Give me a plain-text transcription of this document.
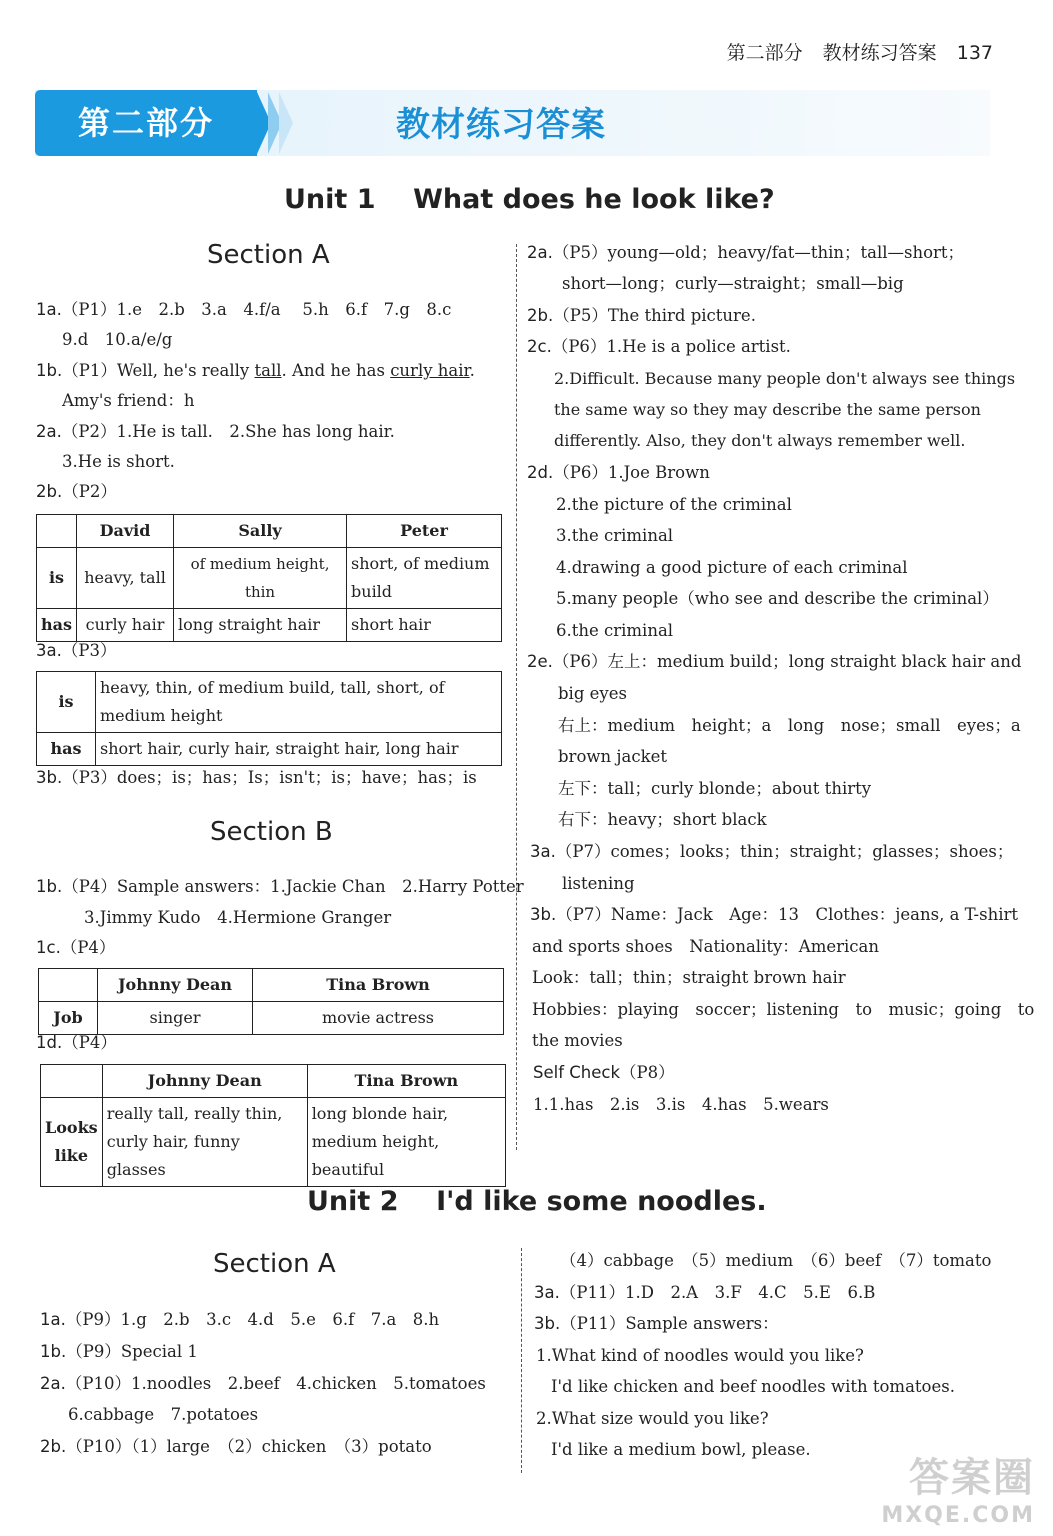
第二部分 教材练习答案 137
第二部分	教材练习答案
Unit 1 What does he look like?
Section A
1a.（P1）1.e　2.b　3.a　4.f/a　 5.h　6.f　7.g　8.c
9.d　10.a/e/g
1b.（P1）Well, he's really tall. And he has curly hair.
Amy's friend：h
2a.（P2）1.He is tall.　2.She has long hair.
3.He is short.
2b.（P2）
	David	Sally	Peter
is	heavy, tall	of medium height, thin	short, of medium build
has	curly hair	long straight hair	short hair
3a.（P3）
is	heavy, thin, of medium build, tall, short, of medium height
has	short hair, curly hair, straight hair, long hair
3b.（P3）does；is；has；Is；isn't；is；have；has；is
Section B
1b.（P4）Sample answers：1.Jackie Chan　2.Harry Potter
3.Jimmy Kudo　4.Hermione Granger
1c.（P4）
	Johnny Dean	Tina Brown
Job	singer	movie actress
1d.（P4）
	Johnny Dean	Tina Brown
Looks like	really tall, really thin, curly hair, funny glasses	long blonde hair, medium height, beautiful
2a.（P5）young—old；heavy/fat—thin；tall—short；
short—long；curly—straight；small—big
2b.（P5）The third picture.
2c.（P6）1.He is a police artist.
2.Difficult. Because many people don't always see things
the same way so they may describe the same person
differently. Also, they don't always remember well.
2d.（P6）1.Joe Brown
2.the picture of the criminal
3.the criminal
4.drawing a good picture of each criminal
5.many people（who see and describe the criminal）
6.the criminal
2e.（P6）左上：medium build；long straight black hair and
big eyes
右上：medium　height；a　long　nose；small　eyes；a
brown jacket
左下：tall；curly blonde；about thirty
右下：heavy；short black
3a.（P7）comes；looks；thin；straight；glasses；shoes；
listening
3b.（P7）Name：Jack　Age：13　Clothes：jeans, a T-shirt
and sports shoes　Nationality：American
Look：tall；thin；straight brown hair
Hobbies：playing　soccer；listening　to　music；going　to
the movies
Self Check（P8）
1.1.has　2.is　3.is　4.has　5.wears
Unit 2 I'd like some noodles.
Section A
1a.（P9）1.g　2.b　3.c　4.d　5.e　6.f　7.a　8.h
1b.（P9）Special 1
2a.（P10）1.noodles　2.beef　4.chicken　5.tomatoes
6.cabbage　7.potatoes
2b.（P10）（1）large　（2）chicken　（3）potato
（4）cabbage　（5）medium　（6）beef　（7）tomato
3a.（P11）1.D　2.A　3.F　4.C　5.E　6.B
3b.（P11）Sample answers：
1.What kind of noodles would you like?
I'd like chicken and beef noodles with tomatoes.
2.What size would you like?
I'd like a medium bowl, please.
答案圈
MXQE.COM
